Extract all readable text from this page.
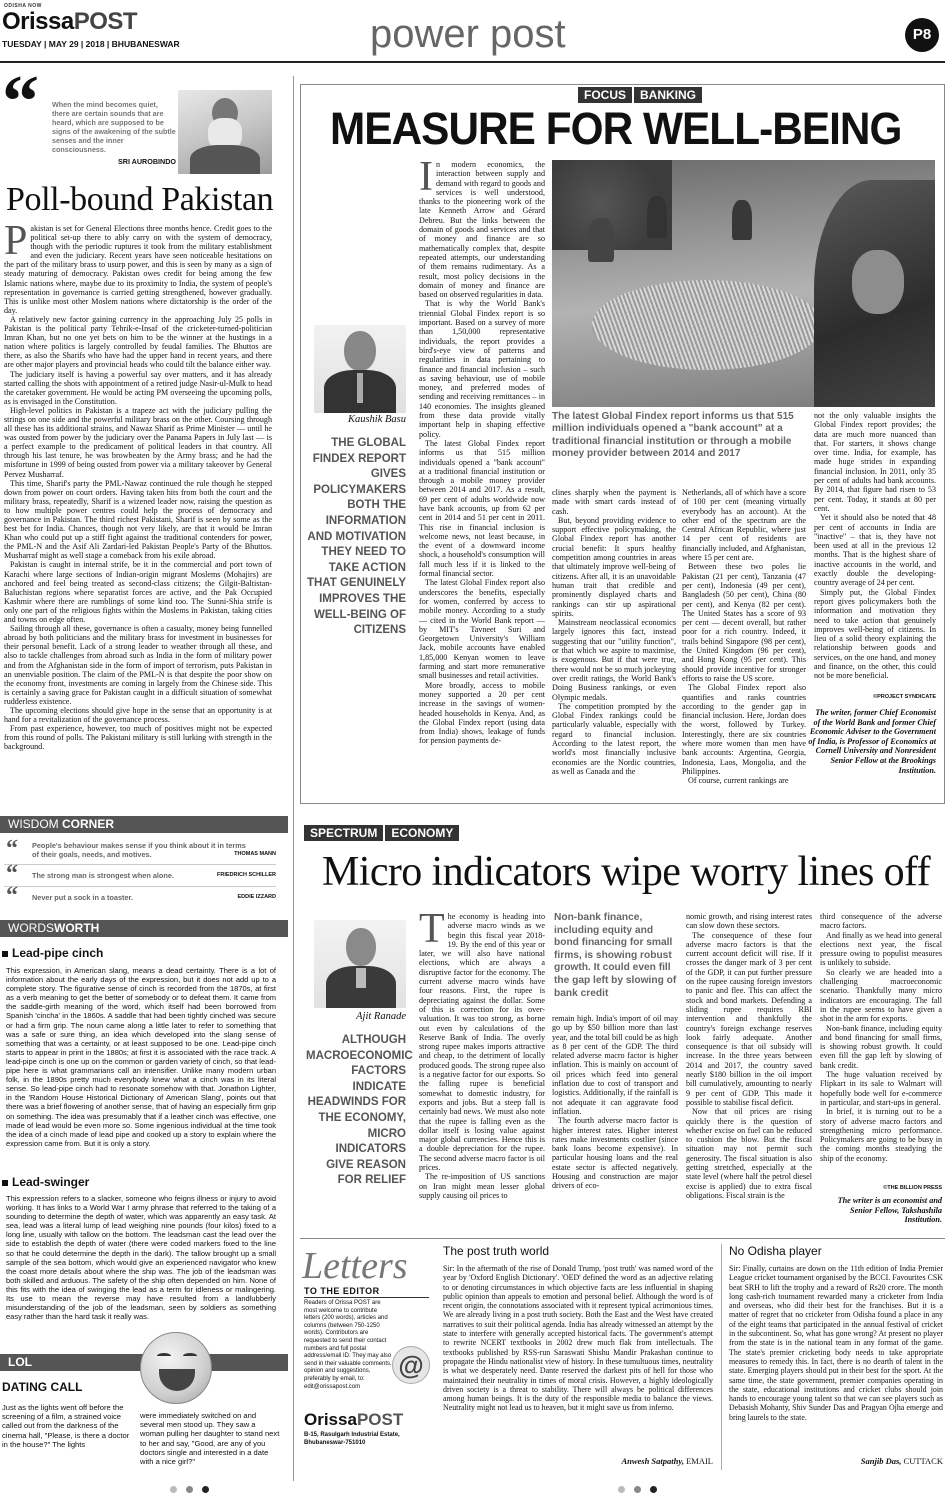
ODISHA NOW
OrissaPOST
TUESDAY | MAY 29 | 2018 | BHUBANESWAR	power post	P8
“ When the mind becomes quiet, there are certain sounds that are heard, which are supposed to be signs of the awakening of the subtle senses and the inner consciousness.
SRI AUROBINDO
Poll-bound Pakistan

Pakistan is set for General Elections three months hence. Credit goes to the political set-up there to ably carry on with the system of democracy, though with the periodic ruptures it took from the military establishment and even the judiciary. Recent years have seen noticeable hesitations on the part of the military brass to usurp power, and this is seen by many as a sign of steady maturing of democracy. Pakistan owes credit for being among the few Islamic nations where, maybe due to its proximity to India, the system of people's representation in governance is carried getting strengthened, however gradually. This is unlike most other Moslem nations where dictatorship is the order of the day.

A relatively new factor gaining currency in the approaching July 25 polls in Pakistan is the political party Tehrik-e-Insaf of the cricketer-turned-politician Imran Khan, but no one yet bets on him to be the winner at the hustings in a nation where politics is largely controlled by feudal families. The Bhuttos are there, as also the Sharifs who have had the upper hand in recent years, and there are other major players and provincial heads who could tilt the balance either way.

The judiciary itself is having a powerful say over matters, and it has already started calling the shots with appointment of a retired judge Nasir-ul-Mulk to head the caretaker government. He would be acting PM overseeing the upcoming polls, as is envisaged in the Constitution.

High-level politics in Pakistan is a trapeze act with the judiciary pulling the strings on one side and the powerful military brass on the other. Coursing through all these has its additional strains, and Nawaz Sharif as Prime Minister — until he was ousted from power by the judiciary over the Panama Papers in July last — is a perfect example to the predicament of political leaders in that country. All through his last tenure, he was browbeaten by the Army brass; and he had the misfortune in 1999 of being ousted from power via a military takeover by General Pervez Musharraf.

This time, Sharif's party the PML-Nawaz continued the rule though he stepped down from power on court orders. Having taken hits from both the court and the military brass, repeatedly, Sharif is a wizened leader now, raising the question as to how multiple power centres could help the process of democracy and governance in Pakistan. The third richest Pakistani, Sharif is seen by some as the best bet for India. Chances, though not very likely, are that it would be Imran Khan who could put up a stiff fight against the traditional contenders for power, the PML-N and the Asif Ali Zardari-led Pakistan People's Party of the Bhuttos. Musharraf might as well stage a comeback from his exile abroad.

Pakistan is caught in internal strife, be it in the commercial and port town of Karachi where large sections of Indian-origin migrant Moslems (Mohajirs) are anchored and feel being treated as second-class citizens; the Gilgit-Baltistan-Baluchistan regions where separatist forces are active, and the Pak Occupied Kashmir where there are rumblings of some kind too. The Sunni-Shia strife is only one part of the religious fights within the Moslems in Pakistan, taking cities and towns on edge often.

Sailing through all these, governance is often a casualty, money being funnelled abroad by both politicians and the military brass for investment in businesses for their personal benefit. Lack of a strong leader to weather through all these, and also to tackle challenges from abroad such as India in the form of military power and from the Afghanistan side in the form of import of terrorism, puts Pakistan in an unenviable position. The claim of the PML-N is that despite the poor show on the economy front, investments are coming in largely from the Chinese side. This is certainly a saving grace for Pakistan caught in a difficult situation of somewhat rudderless existence.

The upcoming elections should give hope in the sense that an opportunity is at hand for a revitalization of the governance process.

From past experience, however, too much of positives might not be expected from this round of polls. The Pakistani military is still lurking with strength in the background.

WISDOM CORNER
“ People's behaviour makes sense if you think about it in terms of their goals, needs, and motives.	THOMAS MANN
“ The strong man is strongest when alone.	FRIEDRICH SCHILLER
“ Never put a sock in a toaster.	EDDIE IZZARD
WORDSWORTH
Lead-pipe cinch

This expression, in American slang, means a dead certainty. There is a lot of information about the early days of the expression, but it does not add up to a complete story. The figurative sense of cinch is recorded from the 1870s, at first as a verb meaning to get the better of somebody or to defeat them. It came from the saddle-girth meaning of the word, which itself had been borrowed from Spanish 'cincha' in the 1860s. A saddle that had been tightly cinched was secure or had a firm grip. The noun came along a little later to refer to something that was a safe or sure thing, an idea which developed into the slang sense of something that was a certainty, or at least supposed to be one. Lead-pipe cinch starts to appear in print in the 1880s; at first it is associated with the race track. A lead-pipe cinch is one up on the common or garden variety of cinch, so that lead-pipe here is what grammarians call an intensifier. Unlike many modern urban folk, in the 1890s pretty much everybody knew what a cinch was in its literal sense. So lead-pipe cinch had to resonate somehow with that. Jonathon Lighter, in the 'Random House Historical Dictionary of American Slang', points out that there was a brief flowering of another sense, that of having an especially firm grip on something. The idea was presumably that if a leather cinch was effective, one made of lead would be even more so. Some ingenious individual at the time took the idea of a cinch made of lead pipe and cooked up a story to explain where the expression came from. But it is only a story.

Lead-swinger

This expression refers to a slacker, someone who feigns illness or injury to avoid working. It has links to a World War I army phrase that referred to the taking of a sounding to determine the depth of water, which was apparently an easy task. At sea, lead was a literal lump of lead weighing nine pounds (four kilos) fixed to a long line, usually with tallow on the bottom. The leadsman cast the lead over the side to establish the depth of water (there were coded markers fixed to the line so that he could determine the depth in the dark). The tallow brought up a small sample of the sea bottom, which would give an experienced navigator who knew the coast more details about where the ship was. The job of the leadsman was both skilled and arduous. The safety of the ship often depended on him. None of this fits with the idea of swinging the lead as a term for idleness or malingering. Its use to mean the reverse may have resulted from a landlubberly misunderstanding of the job of the leadsman, seen by soldiers as something easy rather than the hard task it really was.

LOL
DATING CALL

Just as the lights went off before the screening of a film, a strained voice called out from the darkness of the cinema hall, "Please, is there a doctor in the house?" The lights

were immediately switched on and several men stood up. They saw a woman pulling her daughter to stand next to her and say, "Good, are any of you doctors single and interested in a date with a nice girl?"

FOCUS BANKING
MEASURE FOR WELL-BEING
Kaushik Basu
THE GLOBAL FINDEX REPORT GIVES POLICYMAKERS BOTH THE INFORMATION AND MOTIVATION THEY NEED TO TAKE ACTION THAT GENUINELY IMPROVES THE WELL-BEING OF CITIZENS

In modern economics, the interaction between supply and demand with regard to goods and services is well understood, thanks to the pioneering work of the late Kenneth Arrow and Gérard Debreu. But the links between the domain of goods and services and that of money and finance are so mathematically complex that, despite repeated attempts, our understanding of them remains rudimentary. As a result, most policy decisions in the domain of money and finance are based on observed regularities in data.

That is why the World Bank's triennial Global Findex report is so important. Based on a survey of more than 1,50,000 representative individuals, the report provides a bird's-eye view of patterns and regularities in data pertaining to finance and financial inclusion – such as saving behaviour, use of mobile money, and preferred modes of sending and receiving remittances – in 140 economies. The insights gleaned from these data provide vitally important help in shaping effective policy.

The latest Global Findex report informs us that 515 million individuals opened a "bank account" at a traditional financial institution or through a mobile money provider between 2014 and 2017. As a result, 69 per cent of adults worldwide now have bank accounts, up from 62 per cent in 2014 and 51 per cent in 2011. This rise in financial inclusion is welcome news, not least because, in the event of a downward income shock, a household's consumption will fall much less if it is linked to the formal financial sector.

The latest Global Findex report also underscores the benefits, especially for women, conferred by access to mobile money. According to a study — cited in the World Bank report — by MIT's Tavneet Suri and Georgetown University's William Jack, mobile accounts have enabled 1,85,000 Kenyan women to leave farming and start more remunerative small businesses and retail activities.

More broadly, access to mobile money supported a 20 per cent increase in the savings of women-headed households in Kenya. And, as the Global Findex report (using data from India) shows, leakage of funds for pension payments de-

The latest Global Findex report informs us that 515 million individuals opened a "bank account" at a traditional financial institution or through a mobile money provider between 2014 and 2017

clines sharply when the payment is made with smart cards instead of cash.

But, beyond providing evidence to support effective policymaking, the Global Findex report has another crucial benefit: It spurs healthy competition among countries in areas that ultimately improve well-being of citizens. After all, it is an unavoidable human trait that credible and prominently displayed charts and rankings can stir up aspirational spirits.

Mainstream neoclassical economics largely ignores this fact, instead suggesting that our "utility function", or that which we aspire to maximise, is exogenous. But if that were true, there would not be so much jockeying over credit ratings, the World Bank's Doing Business rankings, or even Olympic medals.

The competition prompted by the Global Findex rankings could be particularly valuable, especially with regard to financial inclusion. According to the latest report, the world's most financially inclusive economies are the Nordic countries, as well as Canada and the

Netherlands, all of which have a score of 100 per cent (meaning virtually everybody has an account). At the other end of the spectrum are the Central African Republic, where just 14 per cent of residents are financially included, and Afghanistan, where 15 per cent are.

Between these two poles lie Pakistan (21 per cent), Tanzania (47 per cent), Indonesia (49 per cent), Bangladesh (50 per cent), China (80 per cent), and Kenya (82 per cent). The United States has a score of 93 per cent — decent overall, but rather poor for a rich country. Indeed, it trails behind Singapore (98 per cent), the United Kingdom (96 per cent), and Hong Kong (95 per cent). This should provide incentive for stronger efforts to raise the US score.

The Global Findex report also quantifies and ranks countries according to the gender gap in financial inclusion. Here, Jordan does the worst, followed by Turkey. Interestingly, there are six countries where more women than men have bank accounts: Argentina, Georgia, Indonesia, Laos, Mongolia, and the Philippines.

Of course, current rankings are

not the only valuable insights the Global Findex report provides; the data are much more nuanced than that. For starters, it shows change over time. India, for example, has made huge strides in expanding financial inclusion. In 2011, only 35 per cent of adults had bank accounts. By 2014, that figure had risen to 53 per cent. Today, it stands at 80 per cent.

Yet it should also be noted that 48 per cent of accounts in India are "inactive" – that is, they have not been used at all in the previous 12 months. That is the highest share of inactive accounts in the world, and exactly double the developing-country average of 24 per cent.

Simply put, the Global Findex report gives policymakers both the information and motivation they need to take action that genuinely improves well-being of citizens. In lieu of a solid theory explaining the relationship between goods and services, on the one hand, and money and finance, on the other, this could not be more beneficial.

©PROJECT SYNDICATE
The writer, former Chief Economist of the World Bank and former Chief Economic Adviser to the Government of India, is Professor of Economics at Cornell University and Nonresident Senior Fellow at the Brookings Institution.
SPECTRUM ECONOMY
Micro indicators wipe worry lines off
Ajit Ranade
ALTHOUGH MACROECONOMIC FACTORS INDICATE HEADWINDS FOR THE ECONOMY, MICRO INDICATORS GIVE REASON FOR RELIEF

The economy is heading into adverse macro winds as we begin this fiscal year 2018-19. By the end of this year or later, we will also have national elections, which are always a disruptive factor for the economy. The current adverse macro winds have four reasons. First, the rupee is depreciating against the dollar. Some of this is correction for its over-valuation. It was too strong, as borne out even by calculations of the Reserve Bank of India. The overly strong rupee makes imports attractive and cheap, to the detriment of locally produced goods. The strong rupee also is a negative factor for our exports. So the falling rupee is beneficial somewhat to domestic industry, for exports and jobs. But a steep fall is certainly bad news. We must also note that the rupee is falling even as the dollar itself is losing value against major global currencies. Hence this is a double depreciation for the rupee. The second adverse macro factor is oil prices.

The re-imposition of US sanctions on Iran might mean lesser global supply causing oil prices to

Non-bank finance, including equity and bond financing for small firms, is showing robust growth. It could even fill the gap left by slowing of bank credit

remain high. India's import of oil may go up by $50 billion more than last year, and the total bill could be as high as 8 per cent of the GDP. The third related adverse macro factor is higher inflation. This is mainly on account of oil prices which feed into general inflation due to cost of transport and logistics. Additionally, if the rainfall is not adequate it can aggravate food inflation.

The fourth adverse macro factor is higher interest rates. Higher interest rates make investments costlier (since bank loans become expensive). In particular housing loans and the real estate sector is affected negatively. Housing and construction are major drivers of eco-

nomic growth, and rising interest rates can slow down these sectors.

The consequence of these four adverse macro factors is that the current account deficit will rise. If it crosses the danger mark of 3 per cent of the GDP, it can put further pressure on the rupee causing foreign investors to panic and flee. This can affect the stock and bond markets. Defending a sliding rupee requires RBI intervention and thankfully the country's foreign exchange reserves look fairly adequate. Another consequence is that oil subsidy will increase. In the three years between 2014 and 2017, the country saved nearly $180 billion in the oil import bill cumulatively, amounting to nearly 9 per cent of GDP. This made it possible to stabilise fiscal deficit.

Now that oil prices are rising quickly there is the question of whether excise on fuel can be reduced to cushion the blow. But the fiscal situation may not permit such generosity. The fiscal situation is also getting stretched, especially at the state level (where half the petrol diesel excise is applied) due to extra fiscal obligations. Fiscal strain is the

third consequence of the adverse macro factors.

And finally as we head into general elections next year, the fiscal pressure owing to populist measures is unlikely to subside.

So clearly we are headed into a challenging macroeconomic scenario. Thankfully many micro indicators are encouraging. The fall in the rupee seems to have given a shot in the arm for exports.

Non-bank finance, including equity and bond financing for small firms, is showing robust growth. It could even fill the gap left by slowing of bank credit.

The huge valuation received by Flipkart in its sale to Walmart will hopefully bode well for e-commerce in particular, and start-ups in general.

In brief, it is turning out to be a story of adverse macro factors and strengthening micro performance. Policymakers are going to be busy in the coming months steadying the ship of the economy.

©THE BILLION PRESS
The writer is an economist and Senior Fellow, Takshashila Institution.
Letters
TO THE EDITOR
Readers of Orissa POST are most welcome to contribute letters (200 words), articles and columns (between 750-1250 words). Contributors are requested to send their contact numbers and full postal address/email ID. They may also send in their valuable comments, opinion and suggestions, preferably by email, to: edit@orissapost.com
@
OrissaPOST
B-15, Rasulgarh Industrial Estate, Bhubaneswar-751010
The post truth world

Sir: In the aftermath of the rise of Donald Trump, 'post truth' was named word of the year by 'Oxford English Dictionary'. 'OED' defined the word as an adjective relating to or denoting circumstances in which objective facts are less influential in shaping public opinion than appeals to emotion and personal belief. Although the word is of recent origin, the connotations associated with it represent typical acrimonious times. We are already living in a post truth society. Both the East and the West have created narratives to suit their political agenda. India has already witnessed an attempt by the state to interfere with generally accepted historical facts. The government's attempt to rewrite NCERT textbooks in 2002 drew much flak from intellectuals. The textbooks published by RSS-run Saraswati Shishu Mandir Prakashan continue to propagate the Hindu nationalist view of history. In these tumultuous times, neutrality is what we desperately need. Dante reserved the darkest pits of hell for those who maintained their neutrality in times of moral crisis. However, a highly ideologically driven society is a threat to stability. There will always be political differences among human beings. It is the duty of the responsible media to balance the views. Neutrality might not lead us to heaven, but it might save us from inferno.

Anwesh Satpathy, EMAIL
No Odisha player

Sir: Finally, curtains are down on the 11th edition of India Premier League cricket tournament organised by the BCCI. Favourites CSK beat SRH to lift the trophy and a reward of Rs20 crore. The month long cash-rich tournament rewarded many a cricketer from India and overseas, who did their best for the franchises. But it is a matter of regret that no cricketer from Odisha found a place in any of the eight teams that participated in the annual festival of cricket in the subcontinent. So, what has gone wrong? At present no player from the state is in the national team in any format of the game. The state's premier cricketing body needs to take appropriate measures to remedy this. In fact, there is no dearth of talent in the state. Emerging players should put in their best for the sport. At the same time, the state government, premier companies operating in the state, educational institutions and cricket clubs should join hands to encourage young talent so that we can see players such as Debasish Mohanty, Shiv Sunder Das and Pragyan Ojha emerge and bring laurels to the state.

Sanjib Das, CUTTACK
